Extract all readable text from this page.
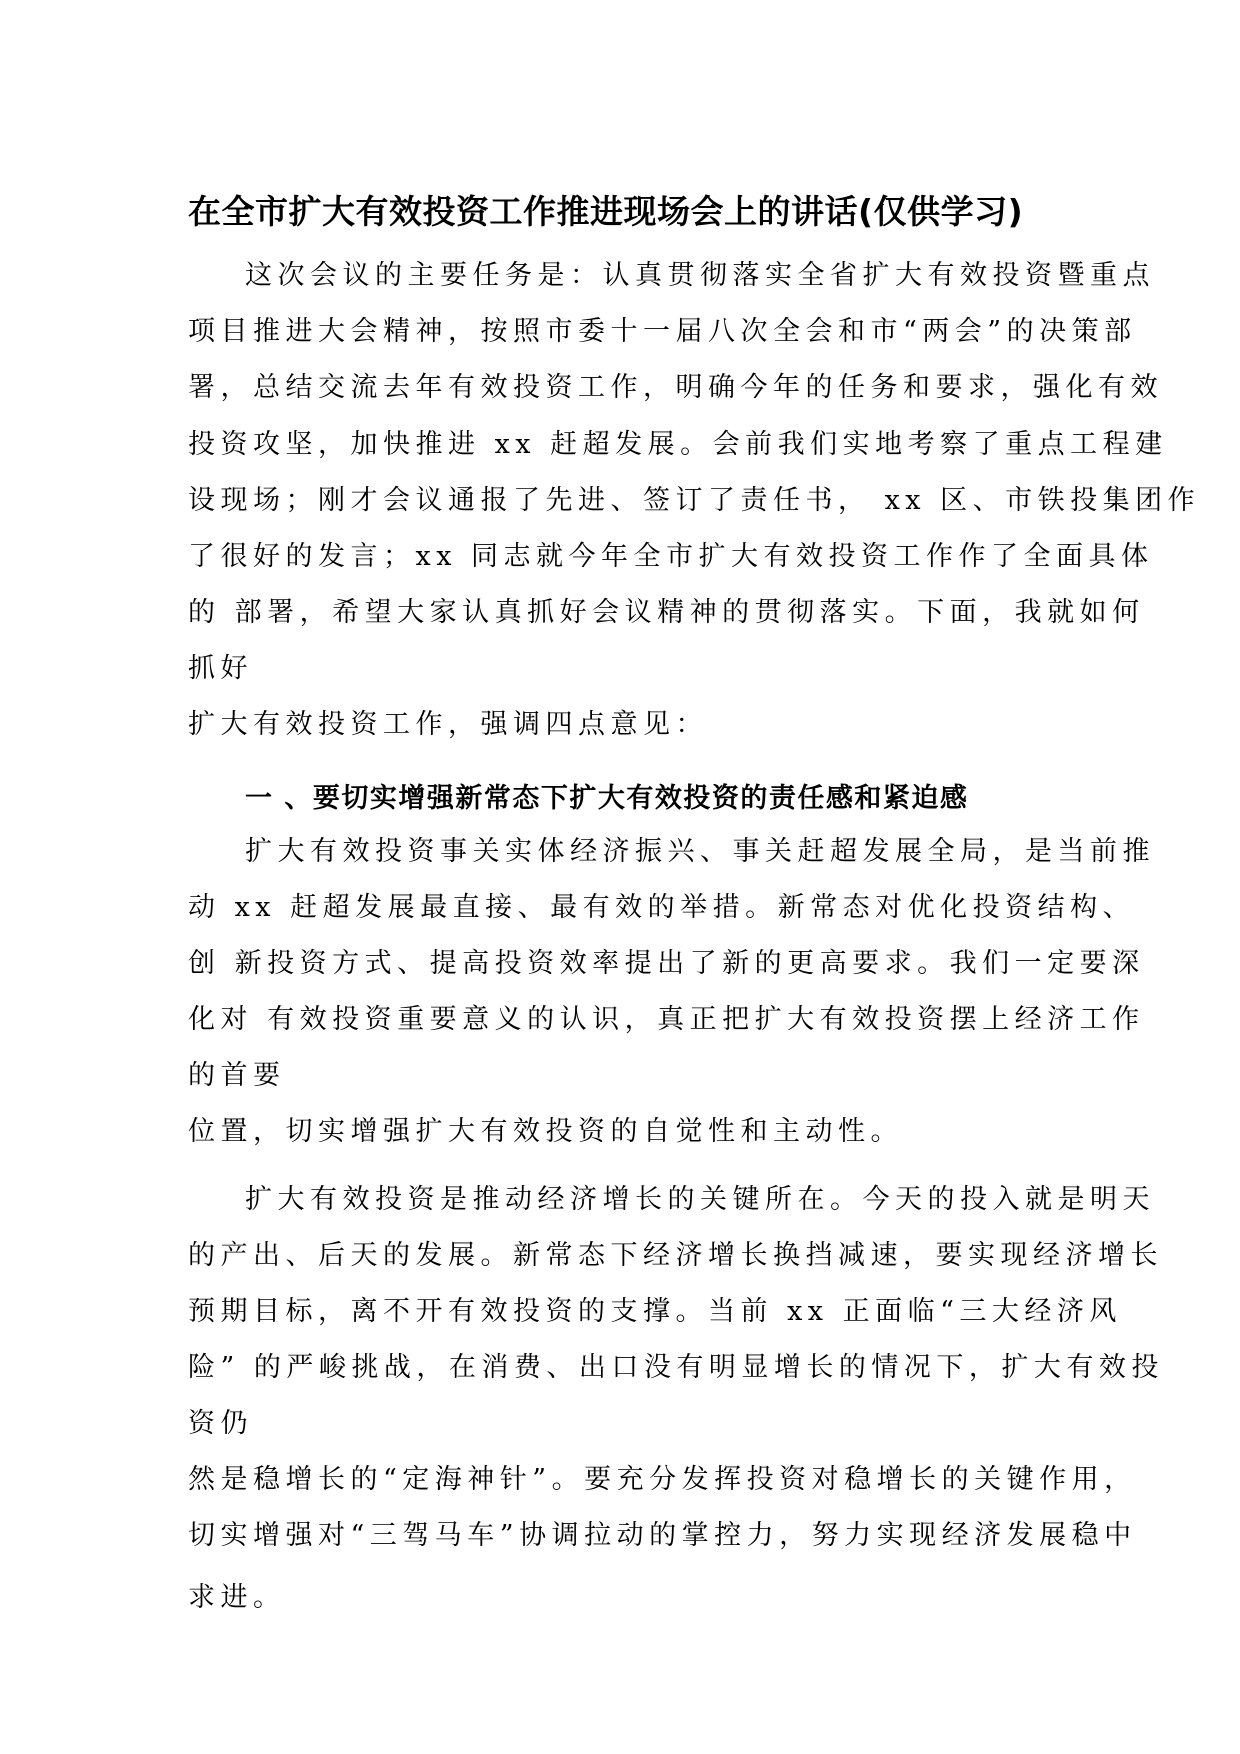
在全市扩大有效投资工作推进现场会上的讲话(仅供学习)
这次会议的主要任务是：认真贯彻落实全省扩大有效投资暨重点
项目推进大会精神，按照市委十一届八次全会和市“两会”的决策部
署，总结交流去年有效投资工作，明确今年的任务和要求，强化有效
投资攻坚，加快推进 xx 赶超发展。会前我们实地考察了重点工程建
设现场；刚才会议通报了先进、签订了责任书， xx 区、市铁投集团作
了很好的发言；xx 同志就今年全市扩大有效投资工作作了全面具体
的 部署，希望大家认真抓好会议精神的贯彻落实。下面，我就如何
抓好
扩大有效投资工作，强调四点意见：
一 、要切实增强新常态下扩大有效投资的责任感和紧迫感
扩大有效投资事关实体经济振兴、事关赶超发展全局，是当前推
动 xx 赶超发展最直接、最有效的举措。新常态对优化投资结构、
创 新投资方式、提高投资效率提出了新的更高要求。我们一定要深
化对 有效投资重要意义的认识，真正把扩大有效投资摆上经济工作
的首要
位置，切实增强扩大有效投资的自觉性和主动性。
扩大有效投资是推动经济增长的关键所在。今天的投入就是明天
的产出、后天的发展。新常态下经济增长换挡减速，要实现经济增长
预期目标，离不开有效投资的支撑。当前 xx 正面临“三大经济风
险” 的严峻挑战，在消费、出口没有明显增长的情况下，扩大有效投
资仍
然是稳增长的“定海神针”。要充分发挥投资对稳增长的关键作用，
切实增强对“三驾马车”协调拉动的掌控力，努力实现经济发展稳中
求进。
